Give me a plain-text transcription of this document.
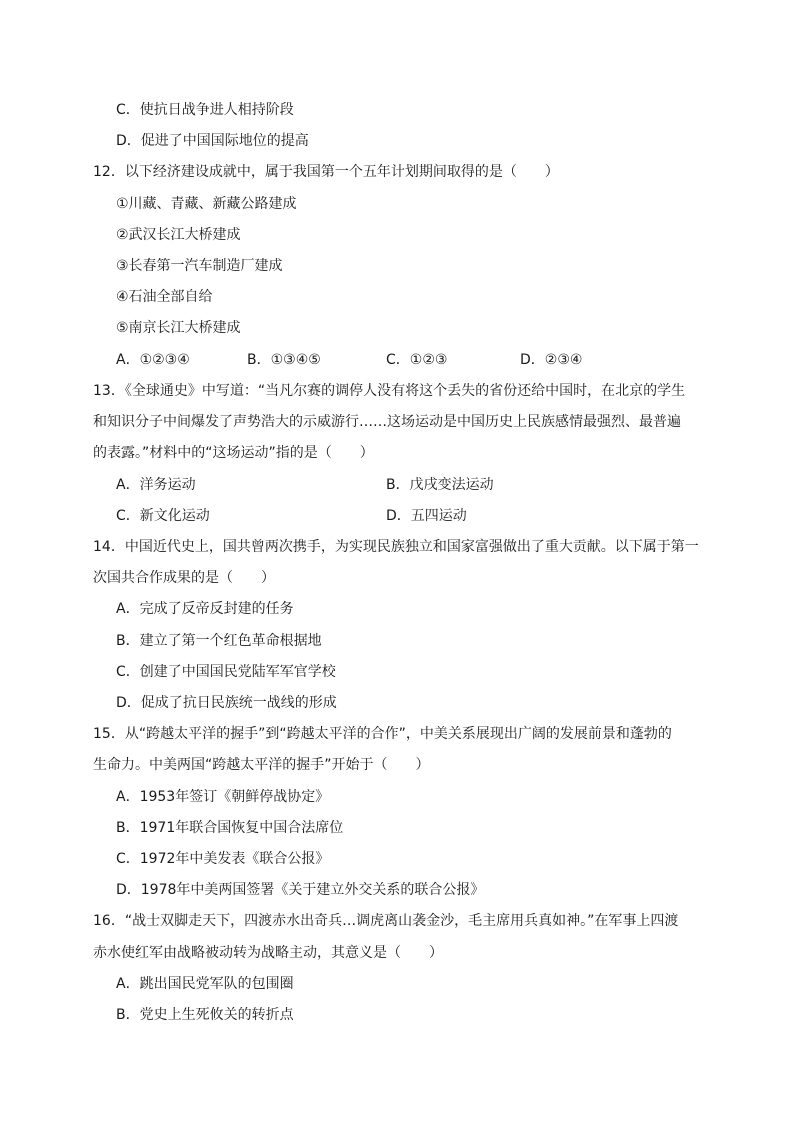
C．使抗日战争进人相持阶段
D．促进了中国国际地位的提高
12．以下经济建设成就中，属于我国第一个五年计划期间取得的是（　　）
①川藏、青藏、新藏公路建成
②武汉长江大桥建成
③长春第一汽车制造厂建成
④石油全部自给
⑤南京长江大桥建成
A．①②③④	B．①③④⑤	C．①②③	D．②③④
13．《全球通史》中写道：“当凡尔赛的调停人没有将这个丢失的省份还给中国时，在北京的学生
和知识分子中间爆发了声势浩大的示威游行……这场运动是中国历史上民族感情最强烈、最普遍
的表露。”材料中的“这场运动”指的是（　　）
A．洋务运动	B．戊戌变法运动
C．新文化运动	D．五四运动
14．中国近代史上，国共曾两次携手，为实现民族独立和国家富强做出了重大贡献。以下属于第一
次国共合作成果的是（　　）
A．完成了反帝反封建的任务
B．建立了第一个红色革命根据地
C．创建了中国国民党陆军军官学校
D．促成了抗日民族统一战线的形成
15．从“跨越太平洋的握手”到“跨越太平洋的合作”，中美关系展现出广阔的发展前景和蓬勃的
生命力。中美两国“跨越太平洋的握手”开始于（　　）
A．1953年签订《朝鲜停战协定》
B．1971年联合国恢复中国合法席位
C．1972年中美发表《联合公报》
D．1978年中美两国签署《关于建立外交关系的联合公报》
16．“战士双脚走天下，四渡赤水出奇兵…调虎离山袭金沙，毛主席用兵真如神。”在军事上四渡
赤水使红军由战略被动转为战略主动，其意义是（　　）
A．跳出国民党军队的包围圈
B．党史上生死攸关的转折点
